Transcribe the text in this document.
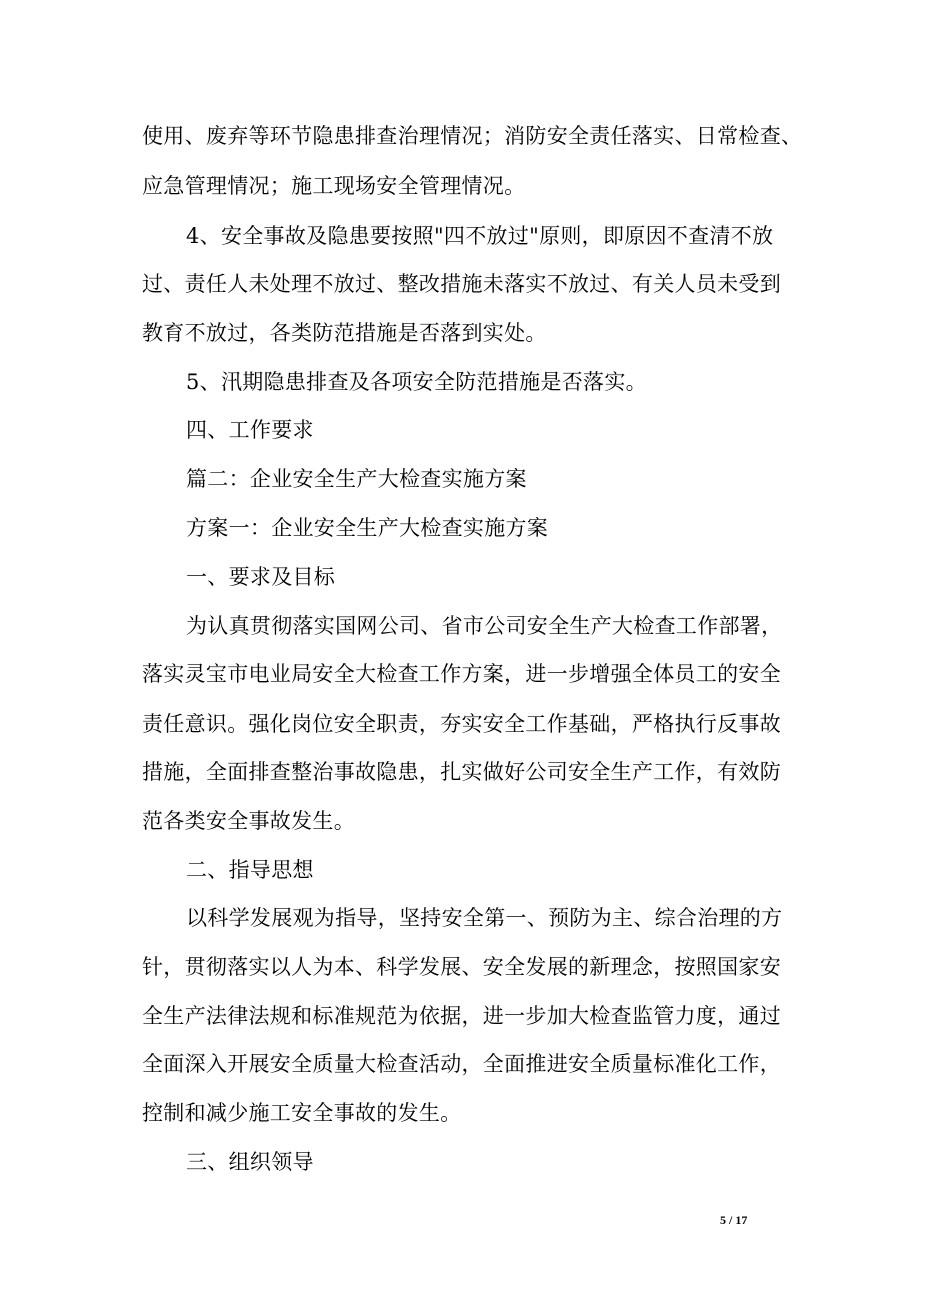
使用、废弃等环节隐患排查治理情况；消防安全责任落实、日常检查、
应急管理情况；施工现场安全管理情况。
4、安全事故及隐患要按照"四不放过"原则，即原因不查清不放
过、责任人未处理不放过、整改措施未落实不放过、有关人员未受到
教育不放过，各类防范措施是否落到实处。
5、汛期隐患排查及各项安全防范措施是否落实。
四、工作要求
篇二：企业安全生产大检查实施方案
方案一：企业安全生产大检查实施方案
一、要求及目标
为认真贯彻落实国网公司、省市公司安全生产大检查工作部署，
落实灵宝市电业局安全大检查工作方案，进一步增强全体员工的安全
责任意识。强化岗位安全职责，夯实安全工作基础，严格执行反事故
措施，全面排查整治事故隐患，扎实做好公司安全生产工作，有效防
范各类安全事故发生。
二、指导思想
以科学发展观为指导，坚持安全第一、预防为主、综合治理的方
针，贯彻落实以人为本、科学发展、安全发展的新理念，按照国家安
全生产法律法规和标准规范为依据，进一步加大检查监管力度，通过
全面深入开展安全质量大检查活动，全面推进安全质量标准化工作，
控制和减少施工安全事故的发生。
三、组织领导
5 / 17
